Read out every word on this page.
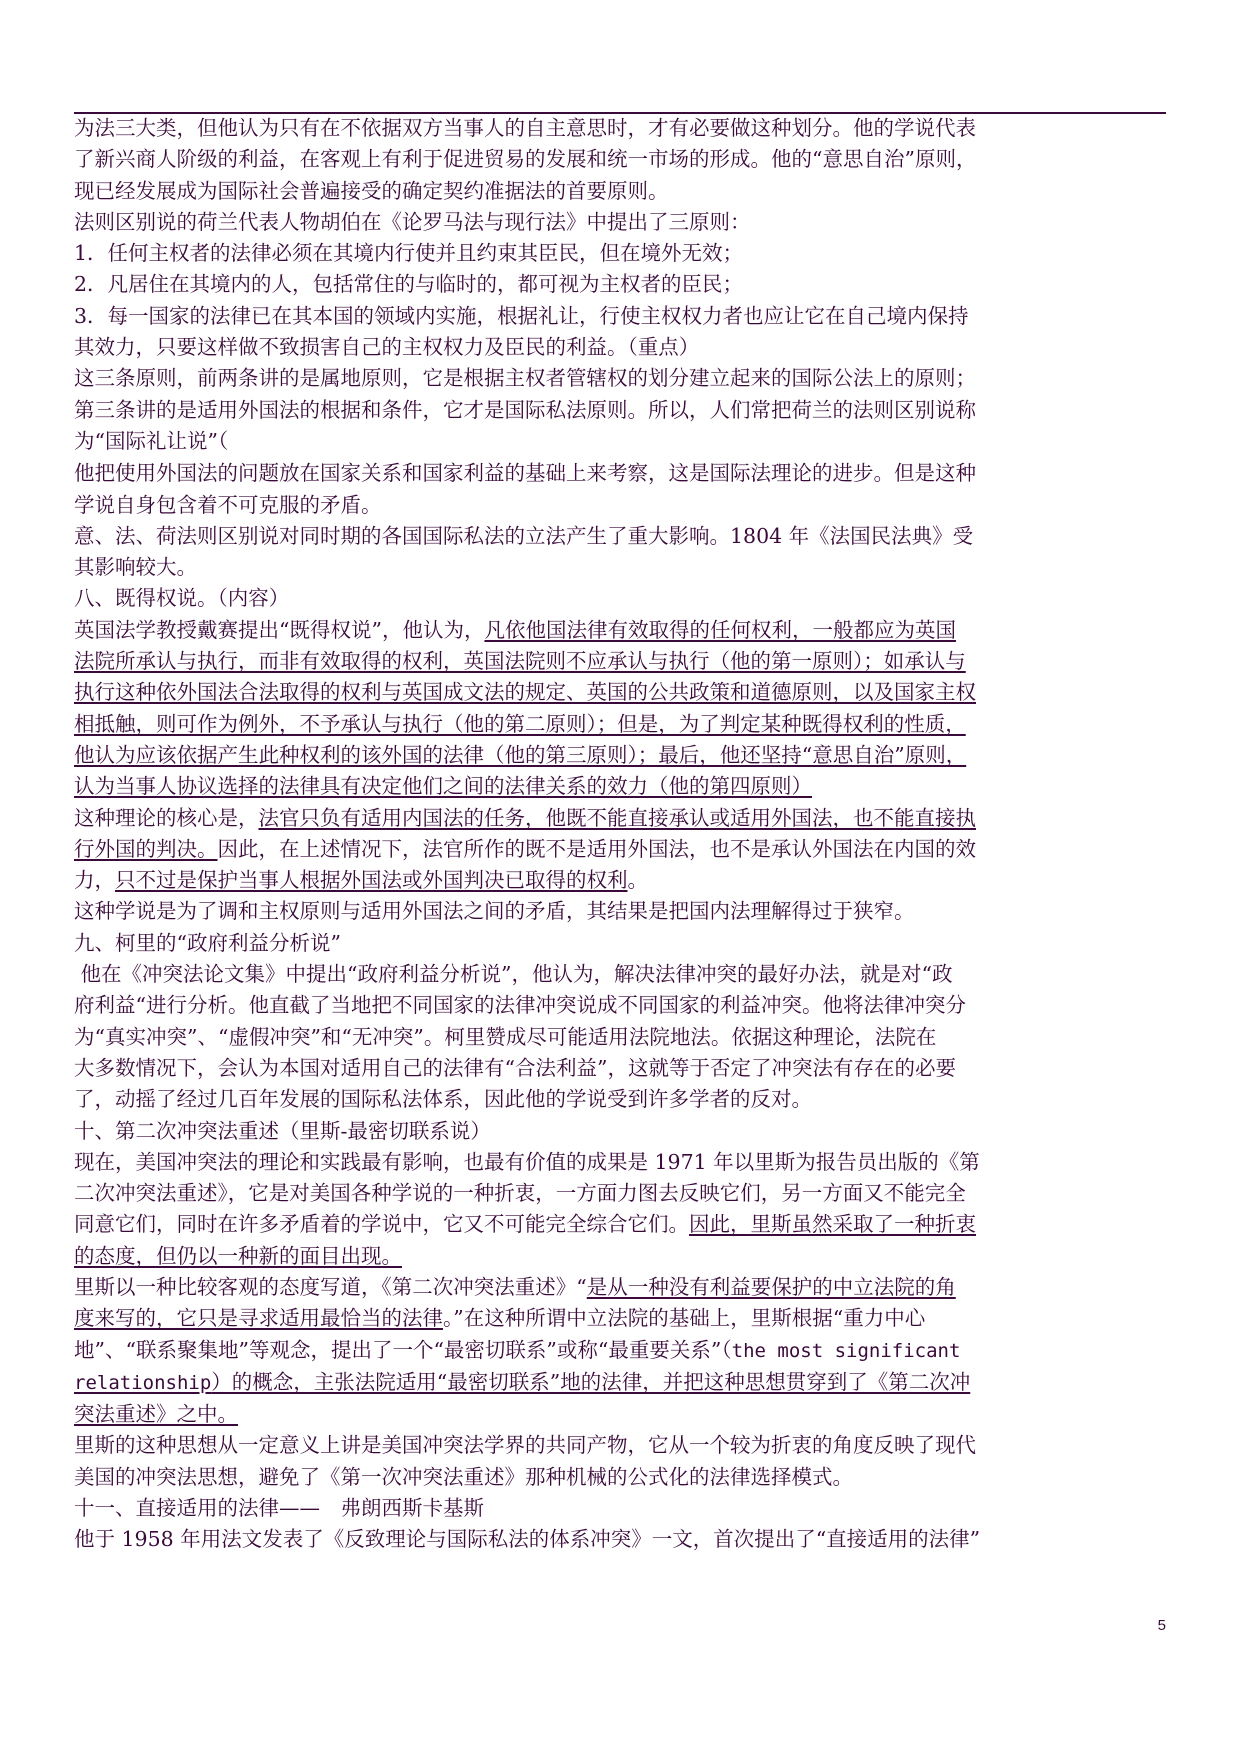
为法三大类，但他认为只有在不依据双方当事人的自主意思时，才有必要做这种划分。他的学说代表
了新兴商人阶级的利益，在客观上有利于促进贸易的发展和统一市场的形成。他的“意思自治”原则，
现已经发展成为国际社会普遍接受的确定契约准据法的首要原则。
法则区别说的荷兰代表人物胡伯在《论罗马法与现行法》中提出了三原则：
1．任何主权者的法律必须在其境内行使并且约束其臣民，但在境外无效；
2．凡居住在其境内的人，包括常住的与临时的，都可视为主权者的臣民；
3．每一国家的法律已在其本国的领域内实施，根据礼让，行使主权权力者也应让它在自己境内保持
其效力，只要这样做不致损害自己的主权权力及臣民的利益。（重点）
这三条原则，前两条讲的是属地原则，它是根据主权者管辖权的划分建立起来的国际公法上的原则；
第三条讲的是适用外国法的根据和条件，它才是国际私法原则。所以，人们常把荷兰的法则区别说称
为“国际礼让说”（
他把使用外国法的问题放在国家关系和国家利益的基础上来考察，这是国际法理论的进步。但是这种
学说自身包含着不可克服的矛盾。
意、法、荷法则区别说对同时期的各国国际私法的立法产生了重大影响。1804 年《法国民法典》受
其影响较大。
八、既得权说。（内容）
英国法学教授戴赛提出“既得权说”，他认为，凡依他国法律有效取得的任何权利，一般都应为英国
法院所承认与执行，而非有效取得的权利，英国法院则不应承认与执行（他的第一原则）；如承认与
执行这种依外国法合法取得的权利与英国成文法的规定、英国的公共政策和道德原则，以及国家主权
相抵触，则可作为例外，不予承认与执行（他的第二原则）；但是，为了判定某种既得权利的性质，
他认为应该依据产生此种权利的该外国的法律（他的第三原则）；最后，他还坚持“意思自治”原则，
认为当事人协议选择的法律具有决定他们之间的法律关系的效力（他的第四原则）
这种理论的核心是，法官只负有适用内国法的任务，他既不能直接承认或适用外国法，也不能直接执
行外国的判决。因此，在上述情况下，法官所作的既不是适用外国法，也不是承认外国法在内国的效
力，只不过是保护当事人根据外国法或外国判决已取得的权利。
这种学说是为了调和主权原则与适用外国法之间的矛盾，其结果是把国内法理解得过于狭窄。
九、柯里的“政府利益分析说”
他在《冲突法论文集》中提出“政府利益分析说”，他认为，解决法律冲突的最好办法，就是对“政
府利益“进行分析。他直截了当地把不同国家的法律冲突说成不同国家的利益冲突。他将法律冲突分
为“真实冲突”、“虚假冲突”和“无冲突”。柯里赞成尽可能适用法院地法。依据这种理论，法院在
大多数情况下，会认为本国对适用自己的法律有“合法利益”，这就等于否定了冲突法有存在的必要
了，动摇了经过几百年发展的国际私法体系，因此他的学说受到许多学者的反对。
十、第二次冲突法重述（里斯-最密切联系说）
现在，美国冲突法的理论和实践最有影响，也最有价值的成果是 1971 年以里斯为报告员出版的《第
二次冲突法重述》，它是对美国各种学说的一种折衷，一方面力图去反映它们，另一方面又不能完全
同意它们，同时在许多矛盾着的学说中，它又不可能完全综合它们。因此，里斯虽然采取了一种折衷
的态度，但仍以一种新的面目出现。
里斯以一种比较客观的态度写道，《第二次冲突法重述》“是从一种没有利益要保护的中立法院的角
度来写的，它只是寻求适用最恰当的法律。”在这种所谓中立法院的基础上，里斯根据“重力中心
地”、“联系聚集地”等观念，提出了一个“最密切联系”或称“最重要关系”（the most significant
relationship）的概念，主张法院适用“最密切联系”地的法律，并把这种思想贯穿到了《第二次冲
突法重述》之中。
里斯的这种思想从一定意义上讲是美国冲突法学界的共同产物，它从一个较为折衷的角度反映了现代
美国的冲突法思想，避免了《第一次冲突法重述》那种机械的公式化的法律选择模式。
十一、直接适用的法律——　弗朗西斯卡基斯
他于 1958 年用法文发表了《反致理论与国际私法的体系冲突》一文，首次提出了“直接适用的法律”
5
